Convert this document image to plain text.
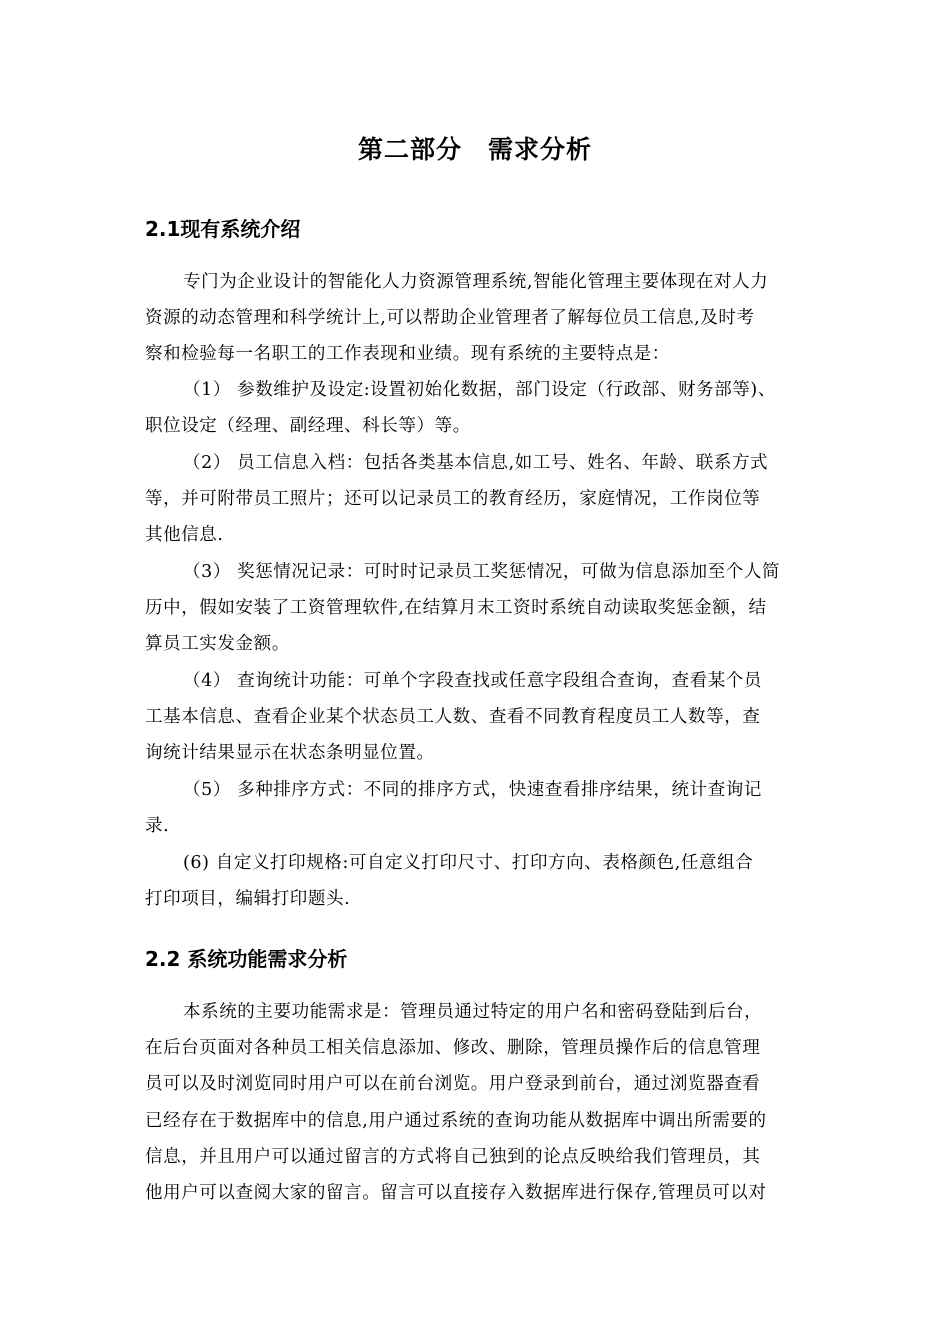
第二部分 需求分析
2.1现有系统介绍
专门为企业设计的智能化人力资源管理系统,智能化管理主要体现在对人力
资源的动态管理和科学统计上,可以帮助企业管理者了解每位员工信息,及时考
察和检验每一名职工的工作表现和业绩。现有系统的主要特点是：
（1） 参数维护及设定:设置初始化数据，部门设定（行政部、财务部等)、
职位设定（经理、副经理、科长等）等。
（2） 员工信息入档：包括各类基本信息,如工号、姓名、年龄、联系方式
等，并可附带员工照片；还可以记录员工的教育经历，家庭情况，工作岗位等
其他信息.
（3） 奖惩情况记录：可时时记录员工奖惩情况，可做为信息添加至个人简
历中，假如安装了工资管理软件,在结算月末工资时系统自动读取奖惩金额，结
算员工实发金额。
（4） 查询统计功能：可单个字段查找或任意字段组合查询，查看某个员
工基本信息、查看企业某个状态员工人数、查看不同教育程度员工人数等，查
询统计结果显示在状态条明显位置。
（5） 多种排序方式：不同的排序方式，快速查看排序结果，统计查询记
录.
(6) 自定义打印规格:可自定义打印尺寸、打印方向、表格颜色,任意组合
打印项目，编辑打印题头.
2.2 系统功能需求分析
本系统的主要功能需求是：管理员通过特定的用户名和密码登陆到后台，
在后台页面对各种员工相关信息添加、修改、删除，管理员操作后的信息管理
员可以及时浏览同时用户可以在前台浏览。用户登录到前台，通过浏览器查看
已经存在于数据库中的信息,用户通过系统的查询功能从数据库中调出所需要的
信息，并且用户可以通过留言的方式将自己独到的论点反映给我们管理员，其
他用户可以查阅大家的留言。留言可以直接存入数据库进行保存,管理员可以对
